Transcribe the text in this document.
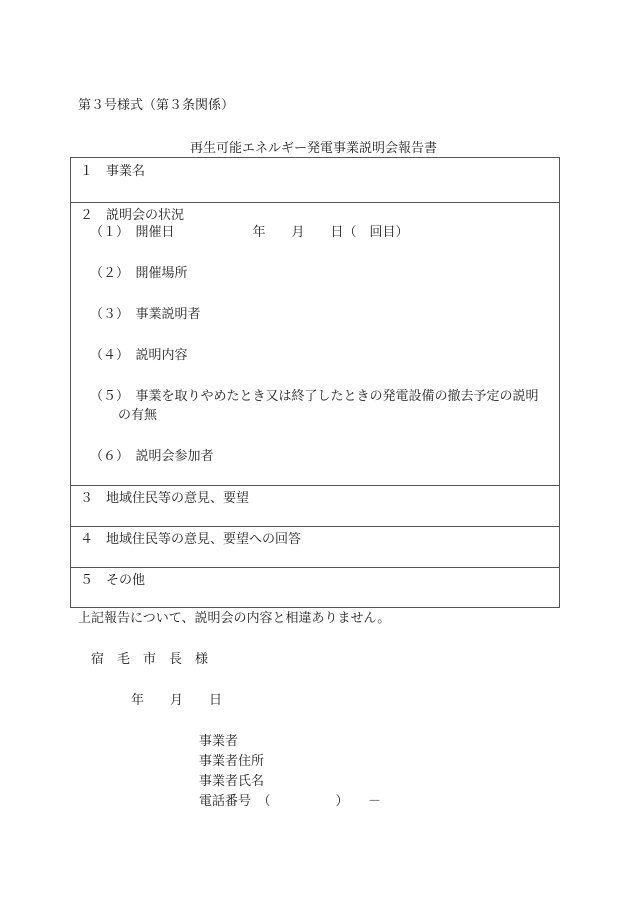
第３号様式（第３条関係）
再生可能エネルギー発電事業説明会報告書
１　事業名
２　説明会の状況
（１）　開催日　　　　　　年　　月　　日（　回目）
（２）　開催場所
（３）　事業説明者
（４）　説明内容
（５）　事業を取りやめたとき又は終了したときの発電設備の撤去予定の説明
の有無
（６）　説明会参加者
３　地域住民等の意見、要望
４　地域住民等の意見、要望への回答
５　その他
上記報告について、説明会の内容と相違ありません。
宿　毛　市　長　様
年　　月　　日
事業者
事業者住所
事業者氏名
電話番号　（　　　　　）　　－
